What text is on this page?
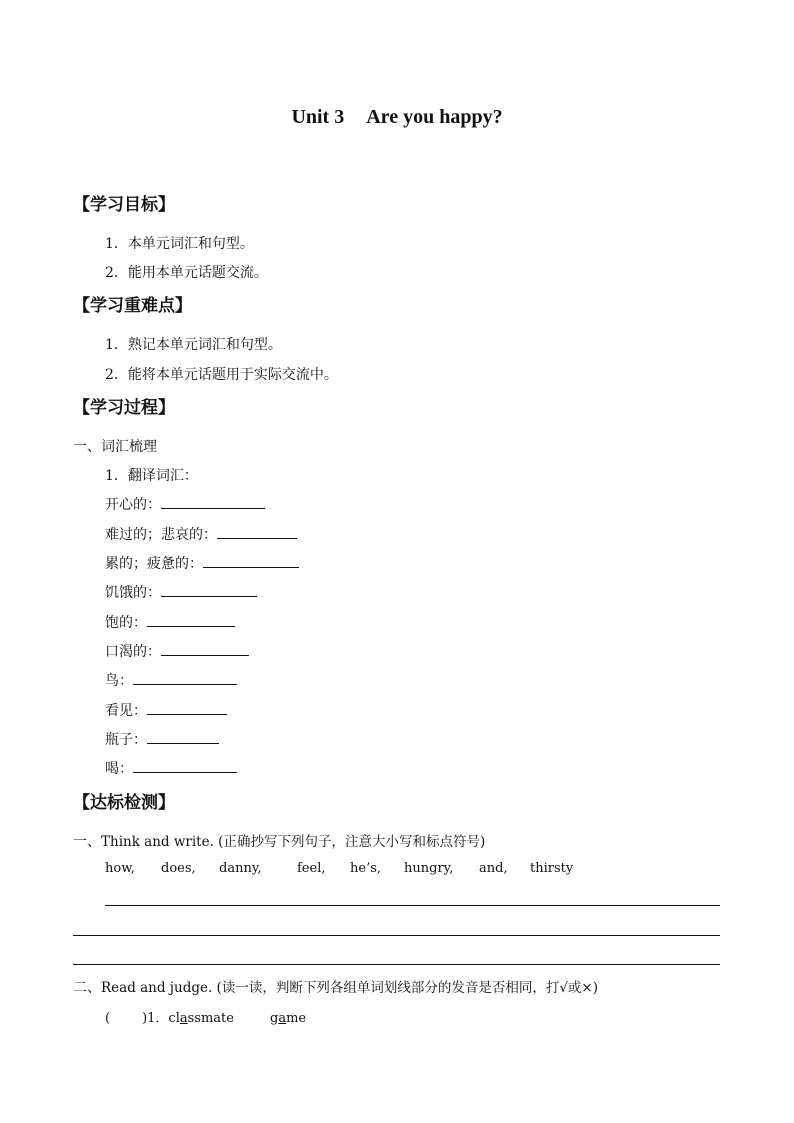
Unit 3 Are you happy?
【学习目标】
1．本单元词汇和句型。
2．能用本单元话题交流。
【学习重难点】
1．熟记本单元词汇和句型。
2．能将本单元话题用于实际交流中。
【学习过程】
一、词汇梳理
1．翻译词汇：
开心的：
难过的；悲哀的：
累的；疲惫的：
饥饿的：
饱的：
口渴的：
鸟：
看见：
瓶子：
喝：
【达标检测】
一、Think and write. (正确抄写下列句子，注意大小写和标点符号)
how, does, danny,	feel, he’s, hungry, and, thirsty
二、Read and judge. (读一读，判断下列各组单词划线部分的发音是否相同，打√或×)
( )1．classmate	game
